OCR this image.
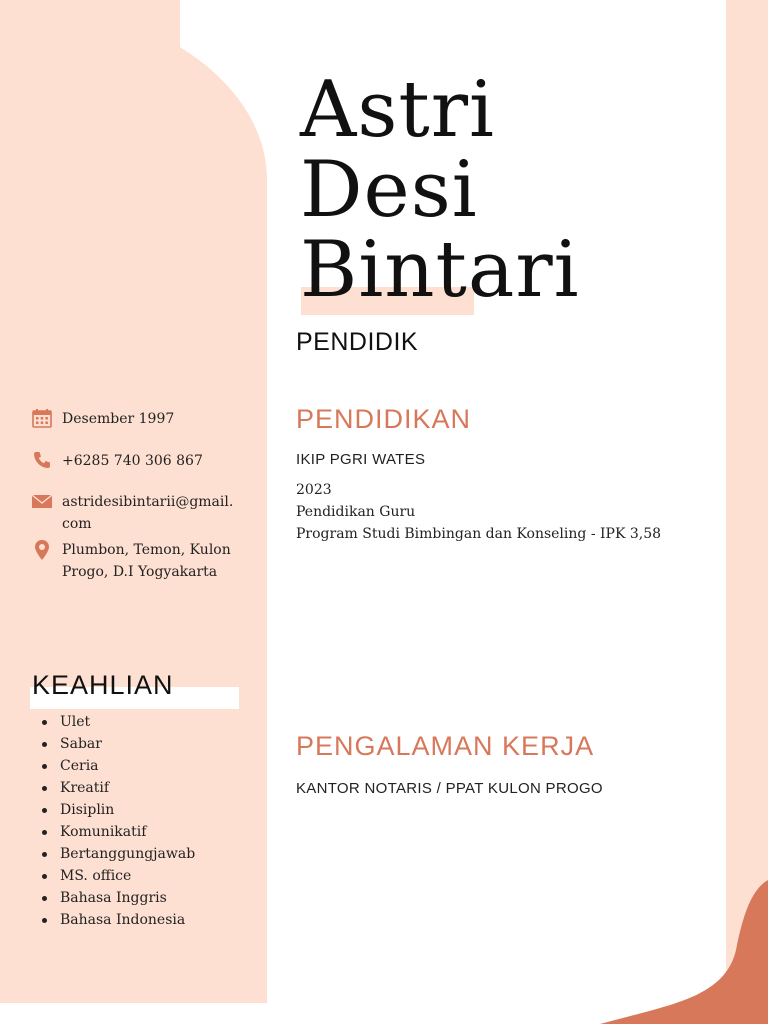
Astri
Desi
Bintari
PENDIDIK
Desember 1997
+6285 740 306 867
astridesibintarii@gmail.com
Plumbon, Temon, Kulon Progo, D.I Yogyakarta
KEAHLIAN
Ulet
Sabar
Ceria
Kreatif
Disiplin
Komunikatif
Bertanggungjawab
MS. office
Bahasa Inggris
Bahasa Indonesia
PENDIDIKAN
IKIP PGRI WATES
2023
Pendidikan Guru
Program Studi Bimbingan dan Konseling - IPK 3,58
PENGALAMAN KERJA
KANTOR NOTARIS / PPAT KULON PROGO
